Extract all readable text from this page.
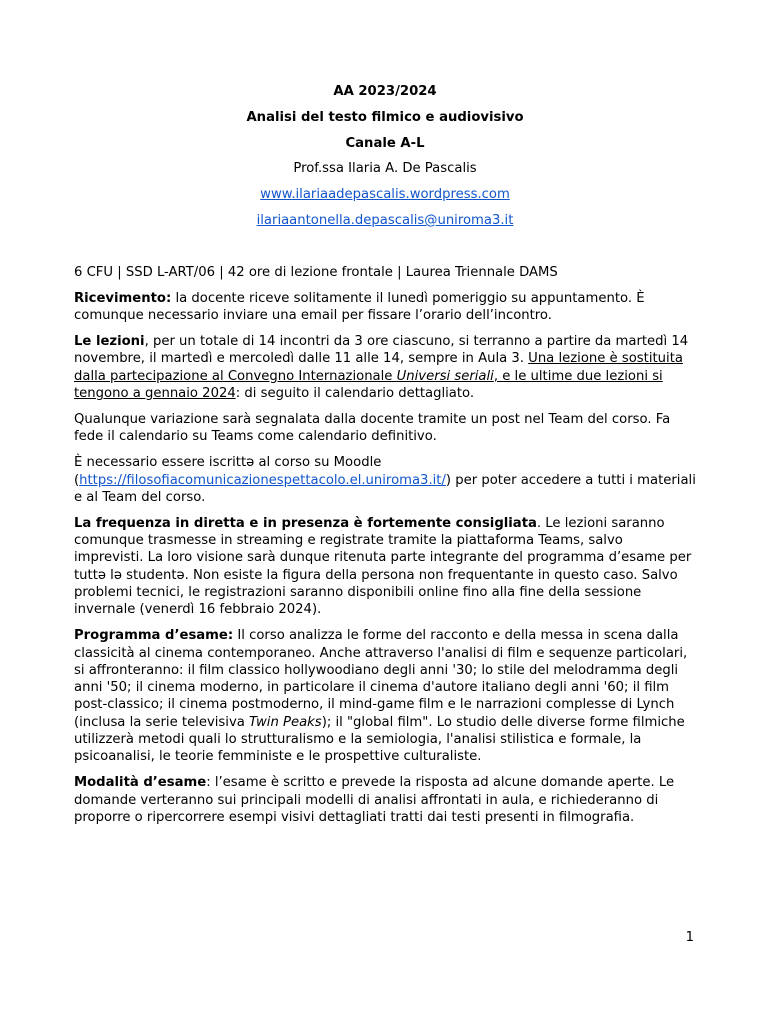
AA 2023/2024
Analisi del testo filmico e audiovisivo
Canale A-L
Prof.ssa Ilaria A. De Pascalis
www.ilariaadepascalis.wordpress.com
ilariaantonella.depascalis@uniroma3.it

6 CFU | SSD L-ART/06 | 42 ore di lezione frontale | Laurea Triennale DAMS

Ricevimento: la docente riceve solitamente il lunedì pomeriggio su appuntamento. È comunque necessario inviare una email per fissare l’orario dell’incontro.

Le lezioni, per un totale di 14 incontri da 3 ore ciascuno, si terranno a partire da martedì 14 novembre, il martedì e mercoledì dalle 11 alle 14, sempre in Aula 3. Una lezione è sostituita dalla partecipazione al Convegno Internazionale Universi seriali, e le ultime due lezioni si tengono a gennaio 2024: di seguito il calendario dettagliato.

Qualunque variazione sarà segnalata dalla docente tramite un post nel Team del corso. Fa fede il calendario su Teams come calendario definitivo.

È necessario essere iscrittə al corso su Moodle (https://filosofiacomunicazionespettacolo.el.uniroma3.it/) per poter accedere a tutti i materiali e al Team del corso.

La frequenza in diretta e in presenza è fortemente consigliata. Le lezioni saranno comunque trasmesse in streaming e registrate tramite la piattaforma Teams, salvo imprevisti. La loro visione sarà dunque ritenuta parte integrante del programma d’esame per tuttə lə studentə. Non esiste la figura della persona non frequentante in questo caso. Salvo problemi tecnici, le registrazioni saranno disponibili online fino alla fine della sessione invernale (venerdì 16 febbraio 2024).

Programma d’esame: Il corso analizza le forme del racconto e della messa in scena dalla classicità al cinema contemporaneo. Anche attraverso l'analisi di film e sequenze particolari, si affronteranno: il film classico hollywoodiano degli anni '30; lo stile del melodramma degli anni '50; il cinema moderno, in particolare il cinema d'autore italiano degli anni '60; il film post-classico; il cinema postmoderno, il mind-game film e le narrazioni complesse di Lynch (inclusa la serie televisiva Twin Peaks); il "global film". Lo studio delle diverse forme filmiche utilizzerà metodi quali lo strutturalismo e la semiologia, l'analisi stilistica e formale, la psicoanalisi, le teorie femministe e le prospettive culturaliste.

Modalità d’esame: l’esame è scritto e prevede la risposta ad alcune domande aperte. Le domande verteranno sui principali modelli di analisi affrontati in aula, e richiederanno di proporre o ripercorrere esempi visivi dettagliati tratti dai testi presenti in filmografia.

1
